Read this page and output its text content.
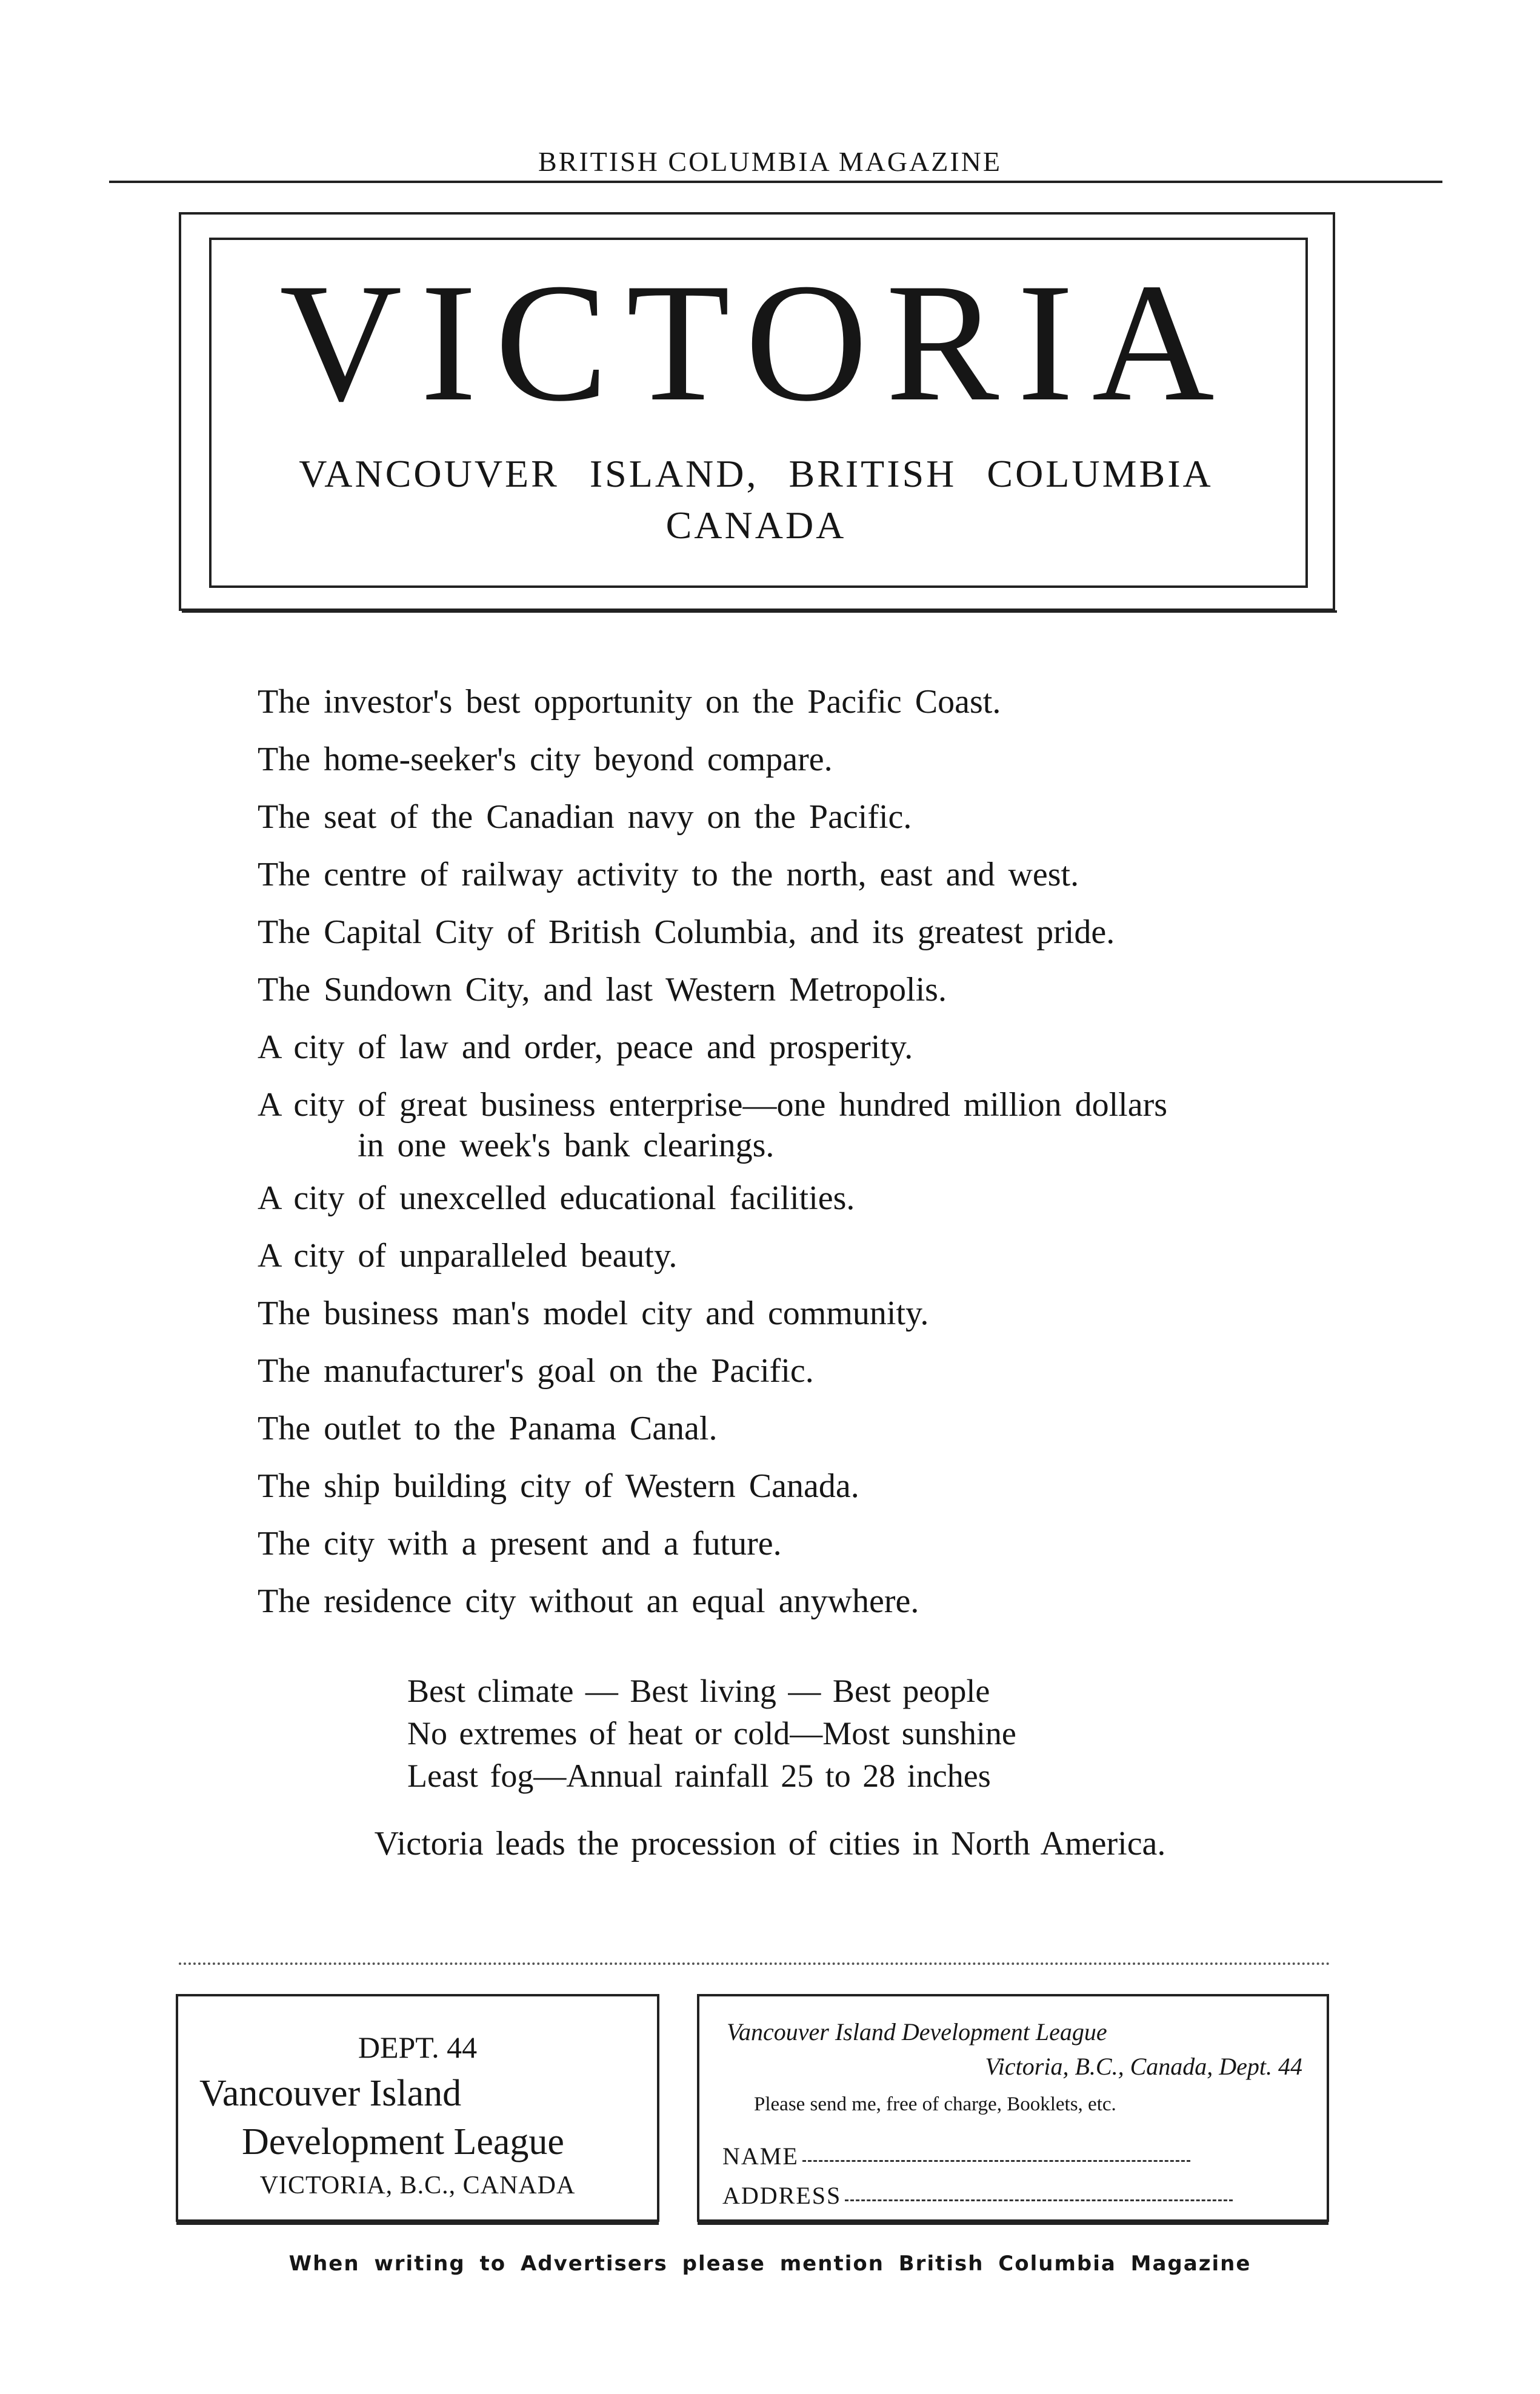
BRITISH COLUMBIA MAGAZINE
VICTORIA
VANCOUVER ISLAND, BRITISH COLUMBIA
CANADA
The investor's best opportunity on the Pacific Coast.
The home-seeker's city beyond compare.
The seat of the Canadian navy on the Pacific.
The centre of railway activity to the north, east and west.
The Capital City of British Columbia, and its greatest pride.
The Sundown City, and last Western Metropolis.
A city of law and order, peace and prosperity.
A city of great business enterprise—one hundred million dollars
in one week's bank clearings.
A city of unexcelled educational facilities.
A city of unparalleled beauty.
The business man's model city and community.
The manufacturer's goal on the Pacific.
The outlet to the Panama Canal.
The ship building city of Western Canada.
The city with a present and a future.
The residence city without an equal anywhere.
Best climate — Best living — Best people
No extremes of heat or cold—Most sunshine
Least fog—Annual rainfall 25 to 28 inches
Victoria leads the procession of cities in North America.
DEPT. 44
Vancouver Island
Development League
VICTORIA, B.C., CANADA
Vancouver Island Development League
Victoria, B.C., Canada, Dept. 44
Please send me, free of charge, Booklets, etc.
NAME
ADDRESS
When writing to Advertisers please mention British Columbia Magazine
